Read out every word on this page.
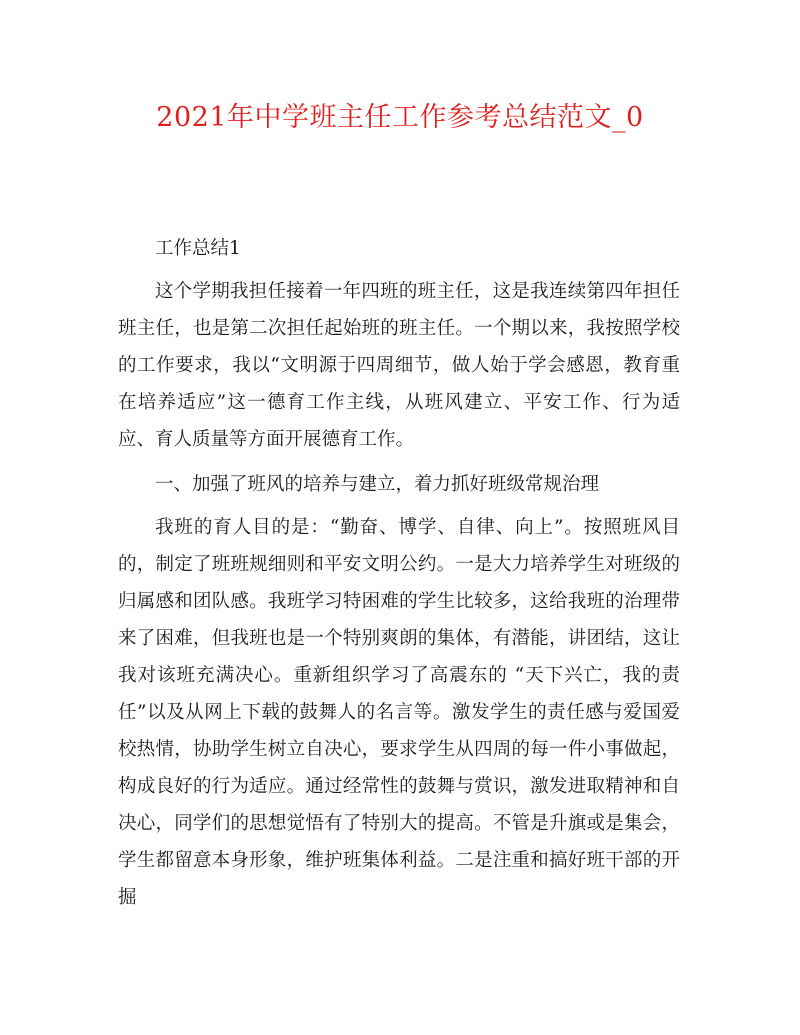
2021年中学班主任工作参考总结范文_0

工作总结1

这个学期我担任接着一年四班的班主任，这是我连续第四年担任班主任，也是第二次担任起始班的班主任。一个期以来，我按照学校的工作要求，我以“文明源于四周细节，做人始于学会感恩，教育重在培养适应”这一德育工作主线，从班风建立、平安工作、行为适应、育人质量等方面开展德育工作。

一、加强了班风的培养与建立，着力抓好班级常规治理

我班的育人目的是：“勤奋、博学、自律、向上”。按照班风目的，制定了班班规细则和平安文明公约。一是大力培养学生对班级的归属感和团队感。我班学习特困难的学生比较多，这给我班的治理带来了困难，但我班也是一个特别爽朗的集体，有潜能，讲团结，这让我对该班充满决心。重新组织学习了高震东的 “天下兴亡，我的责任”以及从网上下载的鼓舞人的名言等。激发学生的责任感与爱国爱校热情，协助学生树立自决心，要求学生从四周的每一件小事做起，构成良好的行为适应。通过经常性的鼓舞与赏识，激发进取精神和自决心，同学们的思想觉悟有了特别大的提高。不管是升旗或是集会，学生都留意本身形象，维护班集体利益。二是注重和搞好班干部的开掘
